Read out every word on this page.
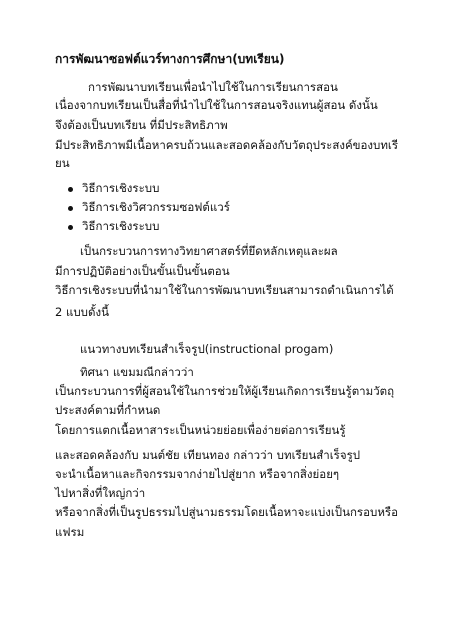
การพัฒนาซอฟต์แวร์ทางการศึกษา(บทเรียน)
การพัฒนาบทเรียนเพื่อนำไปใช้ในการเรียนการสอน
เนื่องจากบทเรียนเป็นสื่อที่นำไปใช้ในการสอนจริงแทนผู้สอน ดังนั้น
จึงต้องเป็นบทเรียน ที่มีประสิทธิภาพ
มีประสิทธิภาพมีเนื้อหาครบถ้วนและสอดคล้องกับวัตถุประสงค์ของบทเรี
ยน
วิธีการเชิงระบบ
วิธีการเชิงวิศวกรรมซอฟต์แวร์
วิธีการเชิงระบบ
เป็นกระบวนการทางวิทยาศาสตร์ที่ยึดหลักเหตุและผล
มีการปฏิบัติอย่างเป็นขั้นเป็นขั้นตอน
วิธีการเชิงระบบที่นำมาใช้ในการพัฒนาบทเรียนสามารถดำเนินการได้
2 แบบดั้งนี้
แนวทางบทเรียนสำเร็จรูป(instructional progam)
ทิศนา แขมมณีกล่าวว่า
เป็นกระบวนการที่ผู้สอนใช้ในการช่วยให้ผู้เรียนเกิดการเรียนรู้ตามวัตถุ
ประสงค์ตามที่กำหนด
โดยการแตกเนื้อหาสาระเป็นหน่วยย่อยเพื่อง่ายต่อการเรียนรู้
และสอดคล้องกับ มนต์ชัย เทียนทอง กล่าวว่า บทเรียนสำเร็จรูป
จะนำเนื้อหาและกิจกรรมจากง่ายไปสู่ยาก หรือจากสิ่งย่อยๆ
ไปหาสิ่งที่ใหญ่กว่า
หรือจากสิ่งที่เป็นรูปธรรมไปสู่นามธรรมโดยเนื้อหาจะแบ่งเป็นกรอบหรือ
แฟรม
